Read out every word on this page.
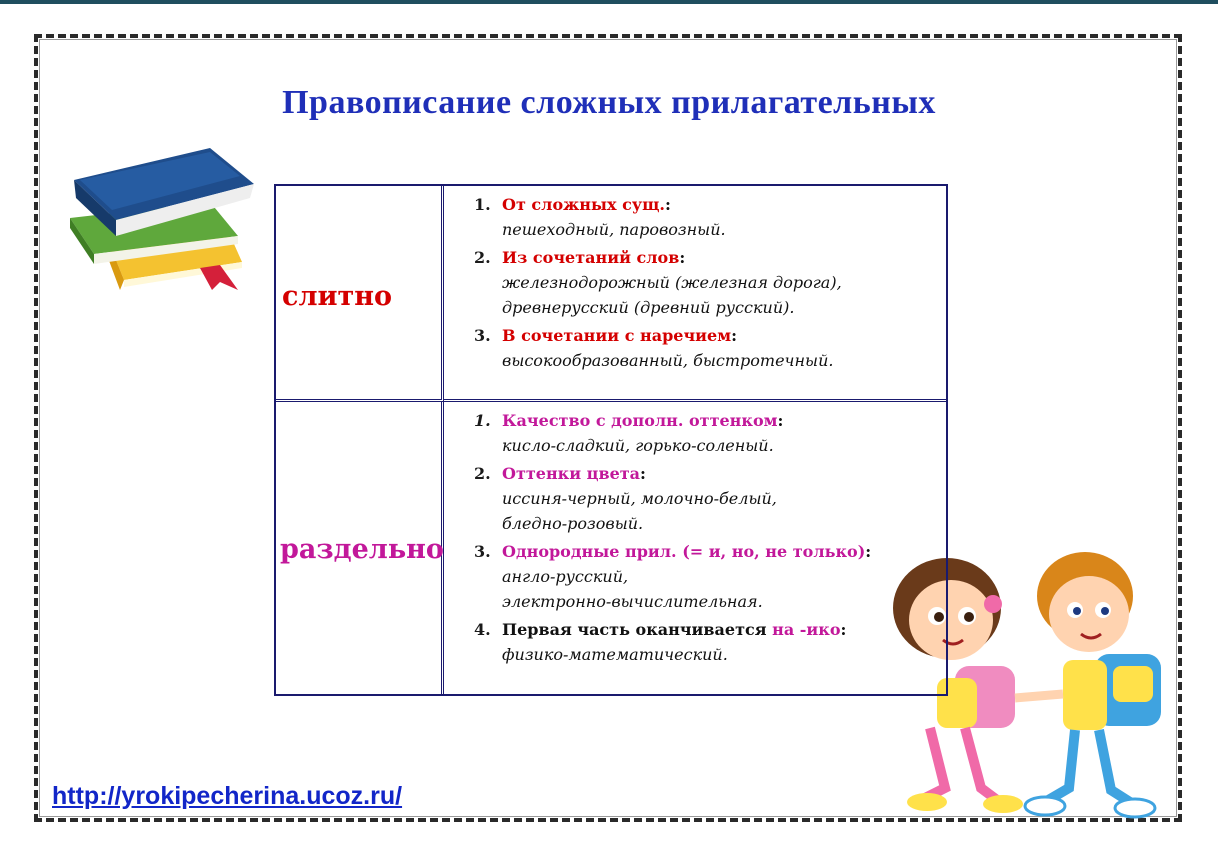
Правописание сложных прилагательных
слитно
1. От сложных сущ.:
пешеходный, паровозный.
2. Из сочетаний слов:
железнодорожный (железная дорога),
древнерусский (древний русский).
3. В сочетании с наречием:
высокообразованный, быстротечный.
раздельно
1. Качество с дополн. оттенком:
кисло-сладкий, горько-соленый.
2. Оттенки цвета:
иссиня-черный, молочно-белый,
бледно-розовый.
3. Однородные прил. (= и, но, не только):
англо-русский,
электронно-вычислительная.
4. Первая часть оканчивается на -ико:
физико-математический.
http://yrokipecherina.ucoz.ru/
